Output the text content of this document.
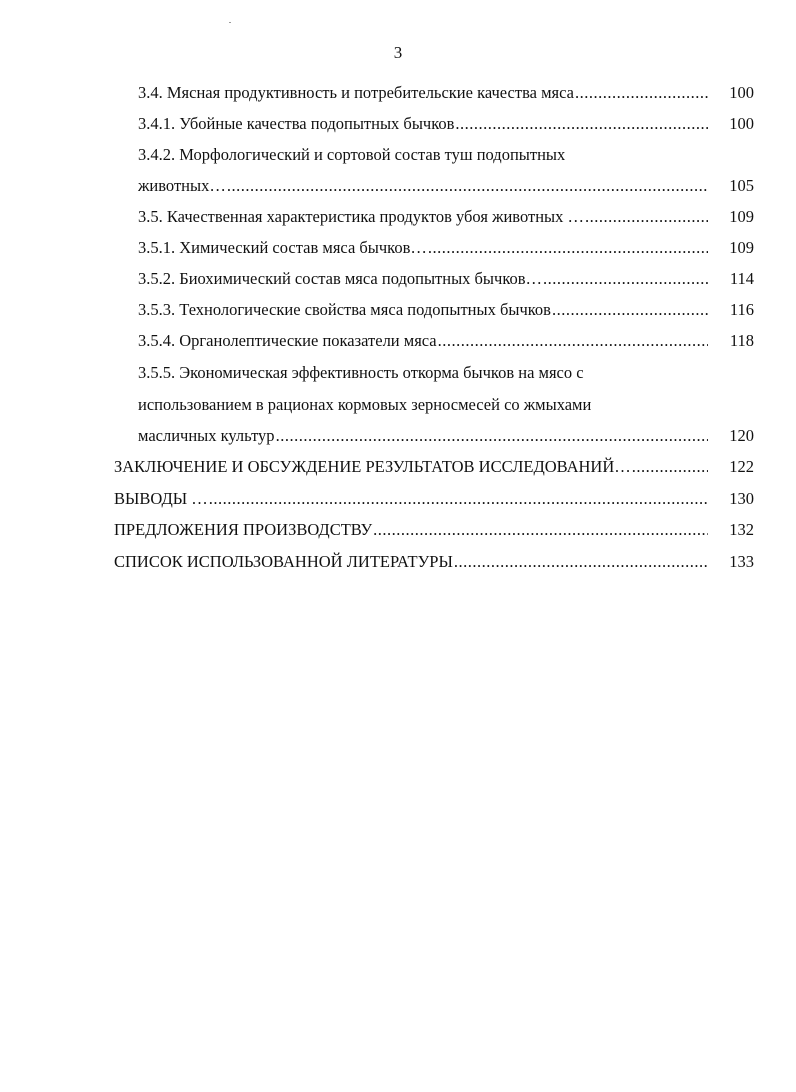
3
3.4. Мясная продуктивность и потребительские качества мяса .....	100
3.4.1. Убойные качества подопытных бычков .....	100
3.4.2. Морфологический и сортовой состав туш подопытных
животных… .....	105
3.5. Качественная характеристика продуктов убоя животных … .....	109
3.5.1. Химический состав мяса бычков… .....	109
3.5.2. Биохимический состав мяса подопытных бычков… .....	114
3.5.3. Технологические свойства мяса подопытных бычков .....	116
3.5.4. Органолептические показатели мяса .....	118
3.5.5. Экономическая эффективность откорма бычков на мясо с
использованием в рационах кормовых зерносмесей со жмыхами
масличных культур .....	120
ЗАКЛЮЧЕНИЕ И ОБСУЖДЕНИЕ РЕЗУЛЬТАТОВ ИССЛЕДОВАНИЙ… .....	122
ВЫВОДЫ … .....	130
ПРЕДЛОЖЕНИЯ ПРОИЗВОДСТВУ .....	132
СПИСОК ИСПОЛЬЗОВАННОЙ ЛИТЕРАТУРЫ .....	133
